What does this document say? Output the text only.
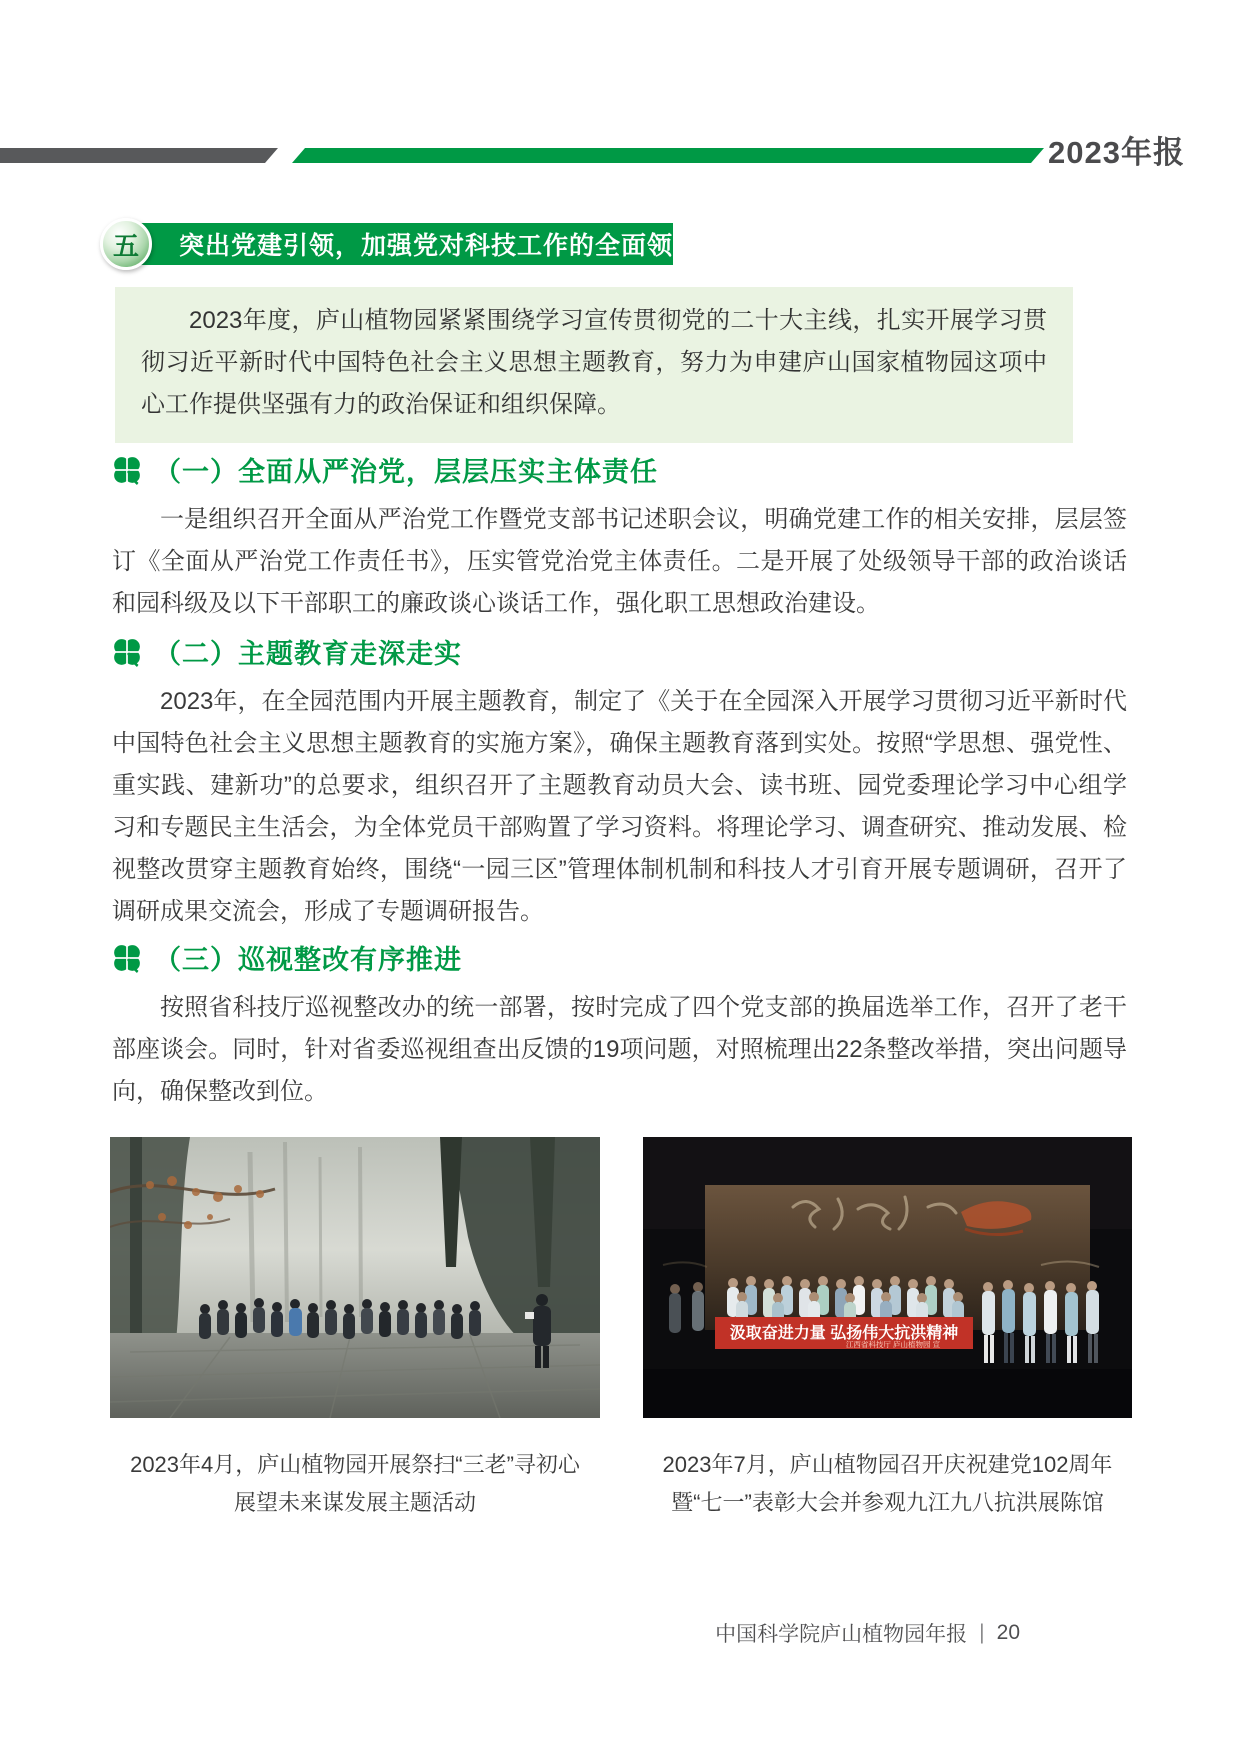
2023年报
突出党建引领，加强党对科技工作的全面领导
五

2023年度，庐山植物园紧紧围绕学习宣传贯彻党的二十大主线，扎实开展学习贯彻习近平新时代中国特色社会主义思想主题教育，努力为申建庐山国家植物园这项中心工作提供坚强有力的政治保证和组织保障。

（一）全面从严治党，层层压实主体责任

一是组织召开全面从严治党工作暨党支部书记述职会议，明确党建工作的相关安排，层层签订《全面从严治党工作责任书》，压实管党治党主体责任。二是开展了处级领导干部的政治谈话和园科级及以下干部职工的廉政谈心谈话工作，强化职工思想政治建设。

（二）主题教育走深走实

2023年，在全园范围内开展主题教育，制定了《关于在全园深入开展学习贯彻习近平新时代中国特色社会主义思想主题教育的实施方案》，确保主题教育落到实处。按照“学思想、强党性、重实践、建新功”的总要求，组织召开了主题教育动员大会、读书班、园党委理论学习中心组学习和专题民主生活会，为全体党员干部购置了学习资料。将理论学习、调查研究、推动发展、检视整改贯穿主题教育始终，围绕“一园三区”管理体制机制和科技人才引育开展专题调研，召开了调研成果交流会，形成了专题调研报告。

（三）巡视整改有序推进

按照省科技厅巡视整改办的统一部署，按时完成了四个党支部的换届选举工作，召开了老干部座谈会。同时，针对省委巡视组查出反馈的19项问题，对照梳理出22条整改举措，突出问题导向，确保整改到位。

2023年4月，庐山植物园开展祭扫“三老”寻初心
展望未来谋发展主题活动
汲取奋进力量 弘扬伟大抗洪精神
江西省科技厅 庐山植物园 宣
2023年7月，庐山植物园召开庆祝建党102周年
暨“七一”表彰大会并参观九江九八抗洪展陈馆
中国科学院庐山植物园年报 | 20
